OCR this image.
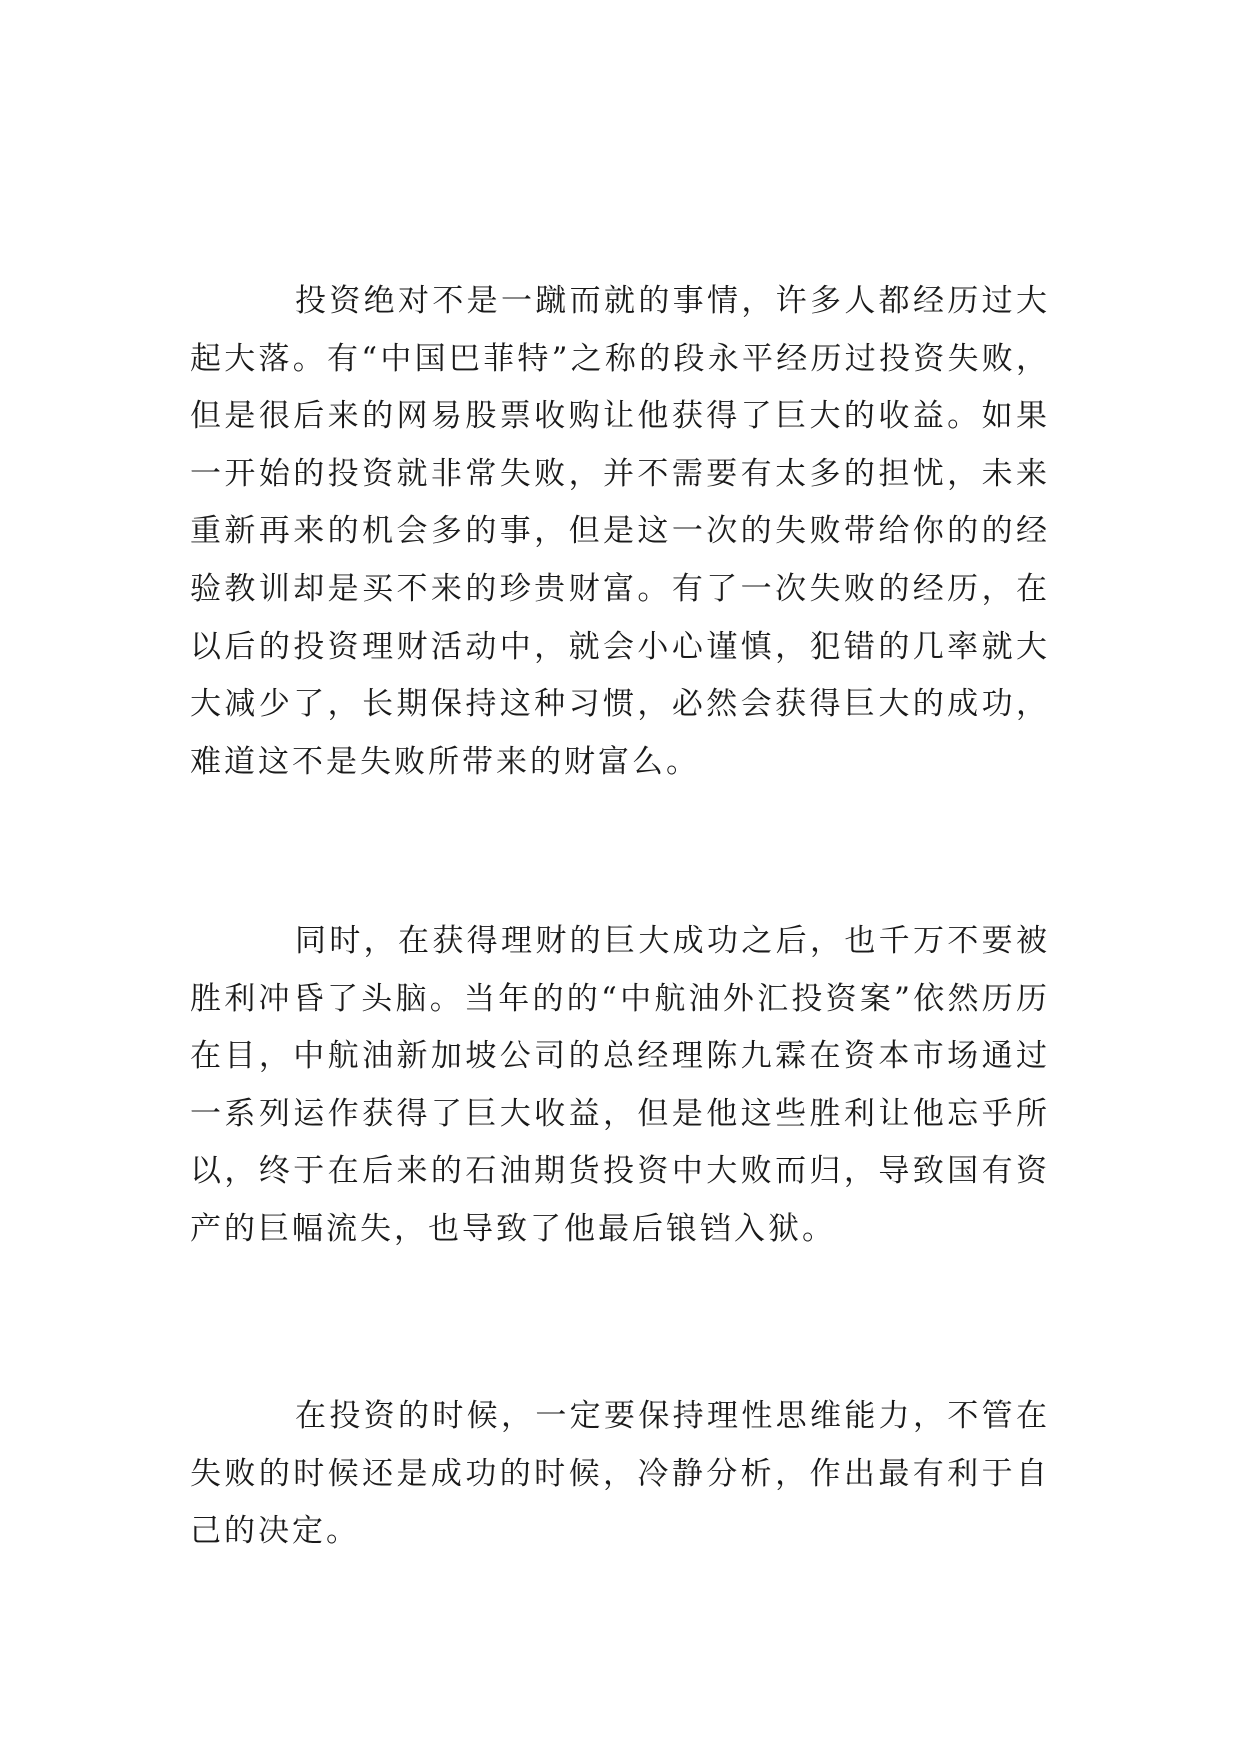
投资绝对不是一蹴而就的事情，许多人都经历过大起大落。有“中国巴菲特”之称的段永平经历过投资失败，但是很后来的网易股票收购让他获得了巨大的收益。如果一开始的投资就非常失败，并不需要有太多的担忧，未来重新再来的机会多的事，但是这一次的失败带给你的的经验教训却是买不来的珍贵财富。有了一次失败的经历，在以后的投资理财活动中，就会小心谨慎，犯错的几率就大大减少了，长期保持这种习惯，必然会获得巨大的成功，难道这不是失败所带来的财富么。

同时，在获得理财的巨大成功之后，也千万不要被胜利冲昏了头脑。当年的的“中航油外汇投资案”依然历历在目，中航油新加坡公司的总经理陈九霖在资本市场通过一系列运作获得了巨大收益，但是他这些胜利让他忘乎所以，终于在后来的石油期货投资中大败而归，导致国有资产的巨幅流失，也导致了他最后锒铛入狱。

在投资的时候，一定要保持理性思维能力，不管在失败的时候还是成功的时候，冷静分析，作出最有利于自己的决定。
